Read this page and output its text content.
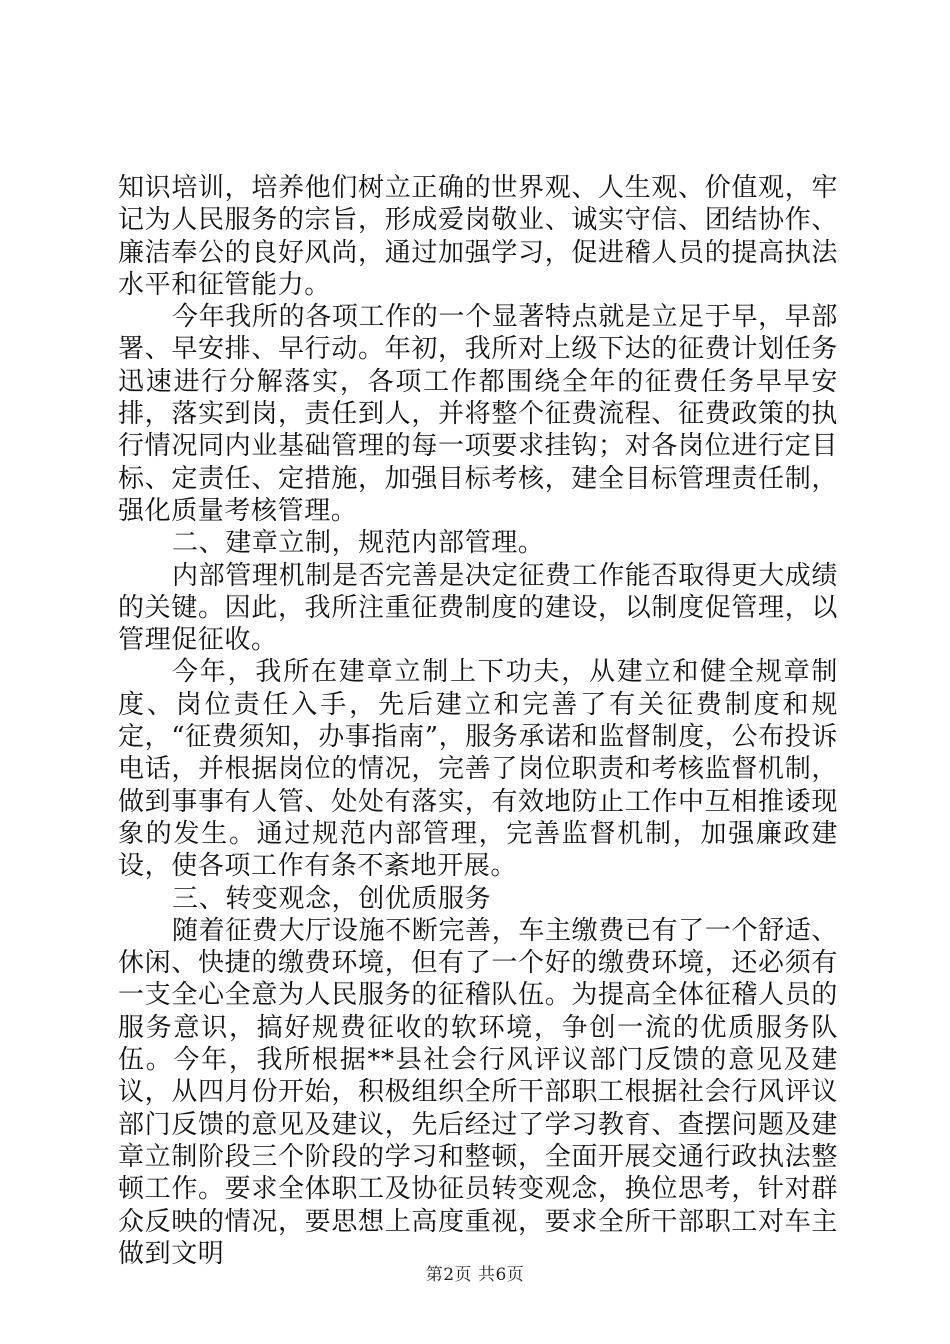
知识培训，培养他们树立正确的世界观、人生观、价值观，牢记为人民服务的宗旨，形成爱岗敬业、诚实守信、团结协作、廉洁奉公的良好风尚，通过加强学习，促进稽人员的提高执法水平和征管能力。

今年我所的各项工作的一个显著特点就是立足于早，早部署、早安排、早行动。年初，我所对上级下达的征费计划任务迅速进行分解落实，各项工作都围绕全年的征费任务早早安排，落实到岗，责任到人，并将整个征费流程、征费政策的执行情况同内业基础管理的每一项要求挂钩；对各岗位进行定目标、定责任、定措施，加强目标考核，建全目标管理责任制，强化质量考核管理。

二、建章立制，规范内部管理。

内部管理机制是否完善是决定征费工作能否取得更大成绩的关键。因此，我所注重征费制度的建设，以制度促管理，以管理促征收。

今年，我所在建章立制上下功夫，从建立和健全规章制度、岗位责任入手，先后建立和完善了有关征费制度和规定，“征费须知，办事指南”，服务承诺和监督制度，公布投诉电话，并根据岗位的情况，完善了岗位职责和考核监督机制，做到事事有人管、处处有落实，有效地防止工作中互相推诿现象的发生。通过规范内部管理，完善监督机制，加强廉政建设，使各项工作有条不紊地开展。

三、转变观念，创优质服务

随着征费大厅设施不断完善，车主缴费已有了一个舒适、休闲、快捷的缴费环境，但有了一个好的缴费环境，还必须有一支全心全意为人民服务的征稽队伍。为提高全体征稽人员的服务意识，搞好规费征收的软环境，争创一流的优质服务队伍。今年，我所根据**县社会行风评议部门反馈的意见及建议，从四月份开始，积极组织全所干部职工根据社会行风评议部门反馈的意见及建议，先后经过了学习教育、查摆问题及建章立制阶段三个阶段的学习和整顿，全面开展交通行政执法整顿工作。要求全体职工及协征员转变观念，换位思考，针对群众反映的情况，要思想上高度重视，要求全所干部职工对车主做到文明

第2页 共6页
